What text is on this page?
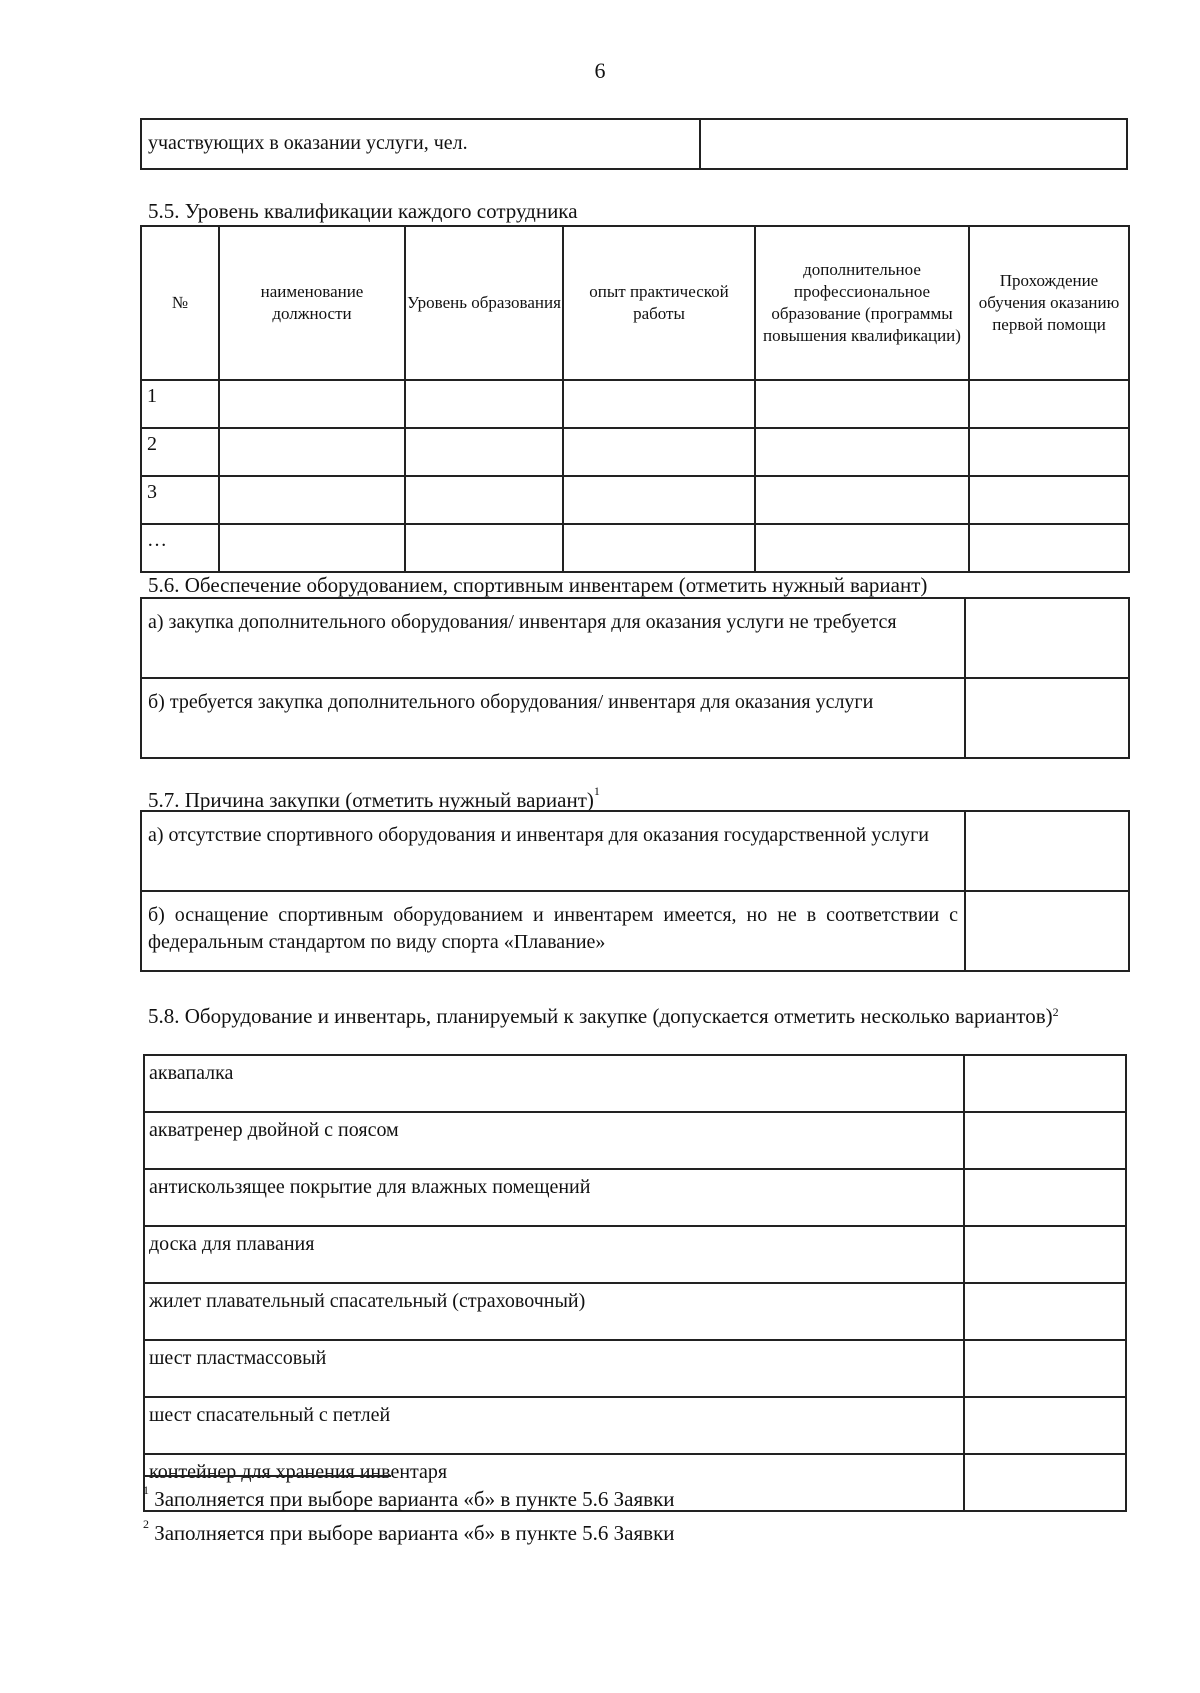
6
участвующих в оказании услуги, чел.	
5.5. Уровень квалификации каждого сотрудника
№	наименование должности	Уровень образования	опыт практической работы	дополнительное профессиональное образование (программы повышения квалификации)	Прохождение обучения оказанию первой помощи
1					
2					
3					
…					
5.6. Обеспечение оборудованием, спортивным инвентарем (отметить нужный вариант)
а) закупка дополнительного оборудования/ инвентаря для оказания услуги не требуется	
б) требуется закупка дополнительного оборудования/ инвентаря для оказания услуги	
5.7. Причина закупки (отметить нужный вариант)$^1$
а) отсутствие спортивного оборудования и инвентаря для оказания государственной услуги	
б) оснащение спортивным оборудованием и инвентарем имеется, но не в соответствии с федеральным стандартом по виду спорта «Плавание»	
5.8. Оборудование и инвентарь, планируемый к закупке (допускается отметить несколько вариантов)$^2$
аквапалка	
акватренер двойной с поясом	
антискользящее покрытие для влажных помещений	
доска для плавания	
жилет плавательный спасательный (страховочный)	
шест пластмассовый	
шест спасательный с петлей	
контейнер для хранения инвентаря	
$^1$ Заполняется при выборе варианта «б» в пункте 5.6 Заявки
$^2$ Заполняется при выборе варианта «б» в пункте 5.6 Заявки
